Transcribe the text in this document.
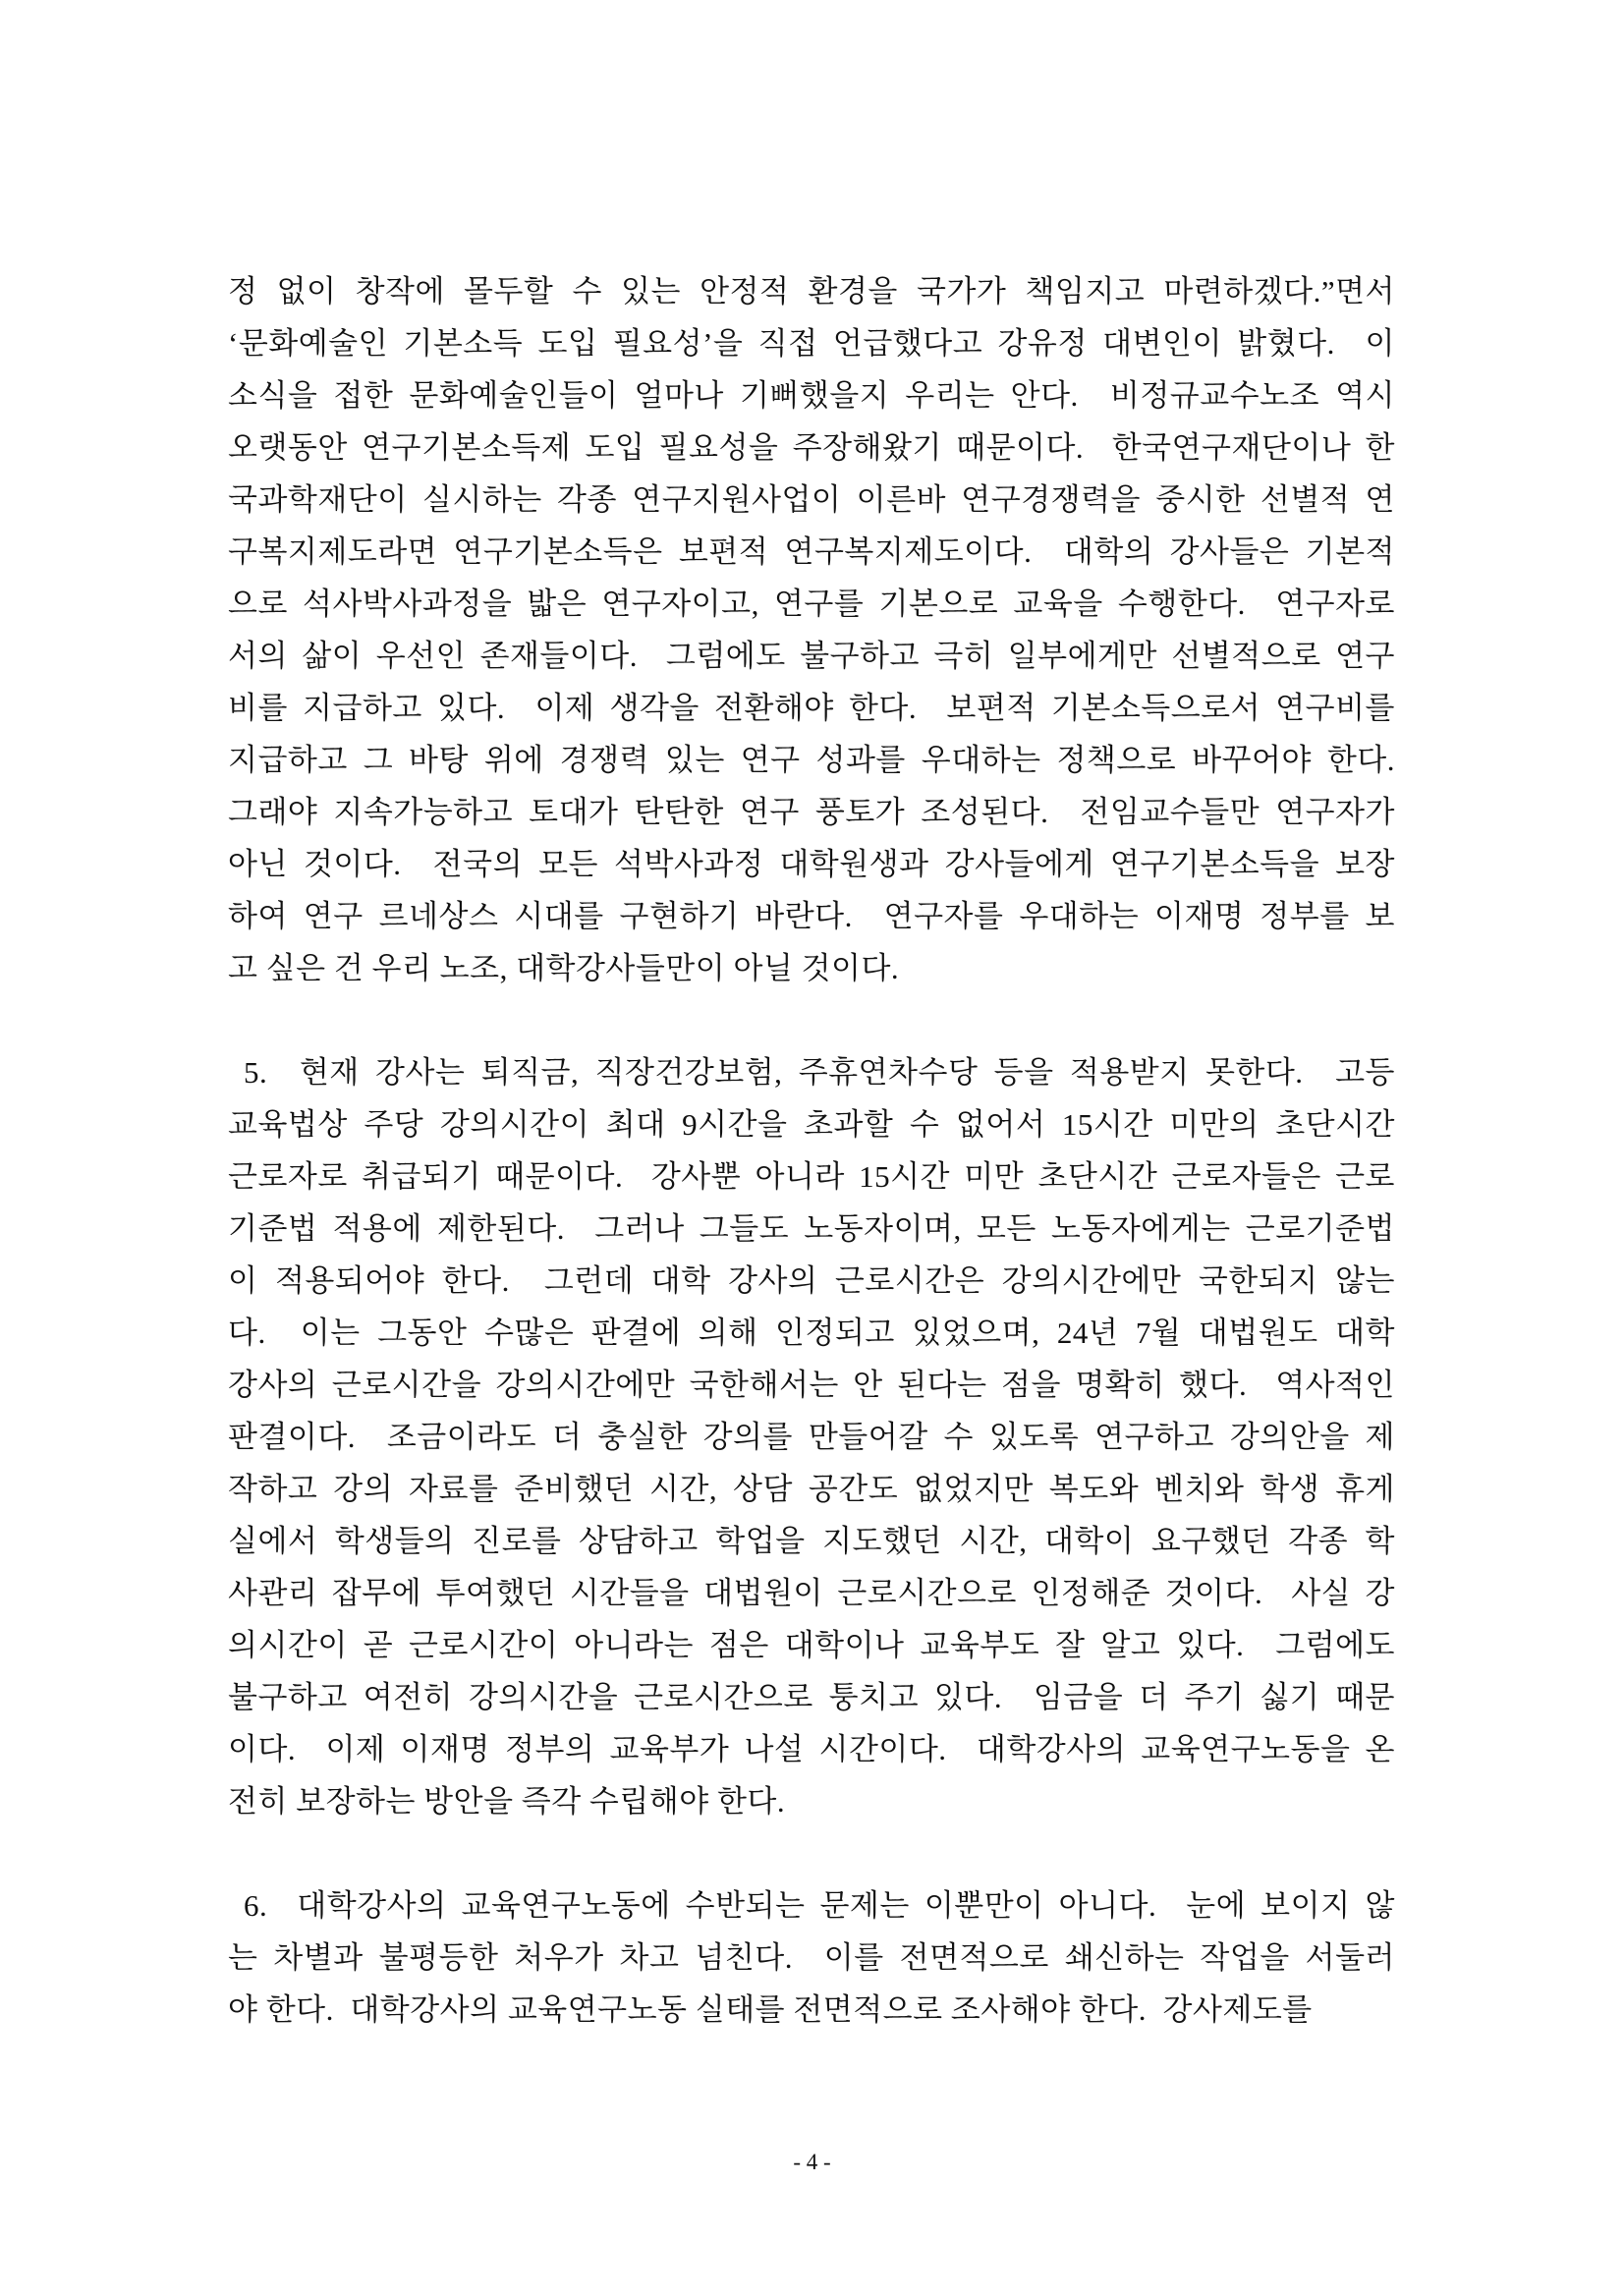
정 없이 창작에 몰두할 수 있는 안정적 환경을 국가가 책임지고 마련하겠다.”면서
‘문화예술인 기본소득 도입 필요성’을 직접 언급했다고 강유정 대변인이 밝혔다.  이
소식을 접한 문화예술인들이 얼마나 기뻐했을지 우리는 안다.  비정규교수노조 역시
오랫동안 연구기본소득제 도입 필요성을 주장해왔기 때문이다.  한국연구재단이나 한
국과학재단이 실시하는 각종 연구지원사업이 이른바 연구경쟁력을 중시한 선별적 연
구복지제도라면 연구기본소득은 보편적 연구복지제도이다.  대학의 강사들은 기본적
으로 석사박사과정을 밟은 연구자이고, 연구를 기본으로 교육을 수행한다.  연구자로
서의 삶이 우선인 존재들이다.  그럼에도 불구하고 극히 일부에게만 선별적으로 연구
비를 지급하고 있다.  이제 생각을 전환해야 한다.  보편적 기본소득으로서 연구비를
지급하고 그 바탕 위에 경쟁력 있는 연구 성과를 우대하는 정책으로 바꾸어야 한다.
그래야 지속가능하고 토대가 탄탄한 연구 풍토가 조성된다.  전임교수들만 연구자가
아닌 것이다.  전국의 모든 석박사과정 대학원생과 강사들에게 연구기본소득을 보장
하여 연구 르네상스 시대를 구현하기 바란다.  연구자를 우대하는 이재명 정부를 보
고 싶은 건 우리 노조, 대학강사들만이 아닐 것이다.
5.  현재 강사는 퇴직금, 직장건강보험, 주휴연차수당 등을 적용받지 못한다.  고등
교육법상 주당 강의시간이 최대 9시간을 초과할 수 없어서 15시간 미만의 초단시간
근로자로 취급되기 때문이다.  강사뿐 아니라 15시간 미만 초단시간 근로자들은 근로
기준법 적용에 제한된다.  그러나 그들도 노동자이며, 모든 노동자에게는 근로기준법
이 적용되어야 한다.  그런데 대학 강사의 근로시간은 강의시간에만 국한되지 않는
다.  이는 그동안 수많은 판결에 의해 인정되고 있었으며, 24년 7월 대법원도 대학
강사의 근로시간을 강의시간에만 국한해서는 안 된다는 점을 명확히 했다.  역사적인
판결이다.  조금이라도 더 충실한 강의를 만들어갈 수 있도록 연구하고 강의안을 제
작하고 강의 자료를 준비했던 시간, 상담 공간도 없었지만 복도와 벤치와 학생 휴게
실에서 학생들의 진로를 상담하고 학업을 지도했던 시간, 대학이 요구했던 각종 학
사관리 잡무에 투여했던 시간들을 대법원이 근로시간으로 인정해준 것이다.  사실 강
의시간이 곧 근로시간이 아니라는 점은 대학이나 교육부도 잘 알고 있다.  그럼에도
불구하고 여전히 강의시간을 근로시간으로 퉁치고 있다.  임금을 더 주기 싫기 때문
이다.  이제 이재명 정부의 교육부가 나설 시간이다.  대학강사의 교육연구노동을 온
전히 보장하는 방안을 즉각 수립해야 한다.
6.  대학강사의 교육연구노동에 수반되는 문제는 이뿐만이 아니다.  눈에 보이지 않
는 차별과 불평등한 처우가 차고 넘친다.  이를 전면적으로 쇄신하는 작업을 서둘러
야 한다.  대학강사의 교육연구노동 실태를 전면적으로 조사해야 한다.  강사제도를
- 4 -
